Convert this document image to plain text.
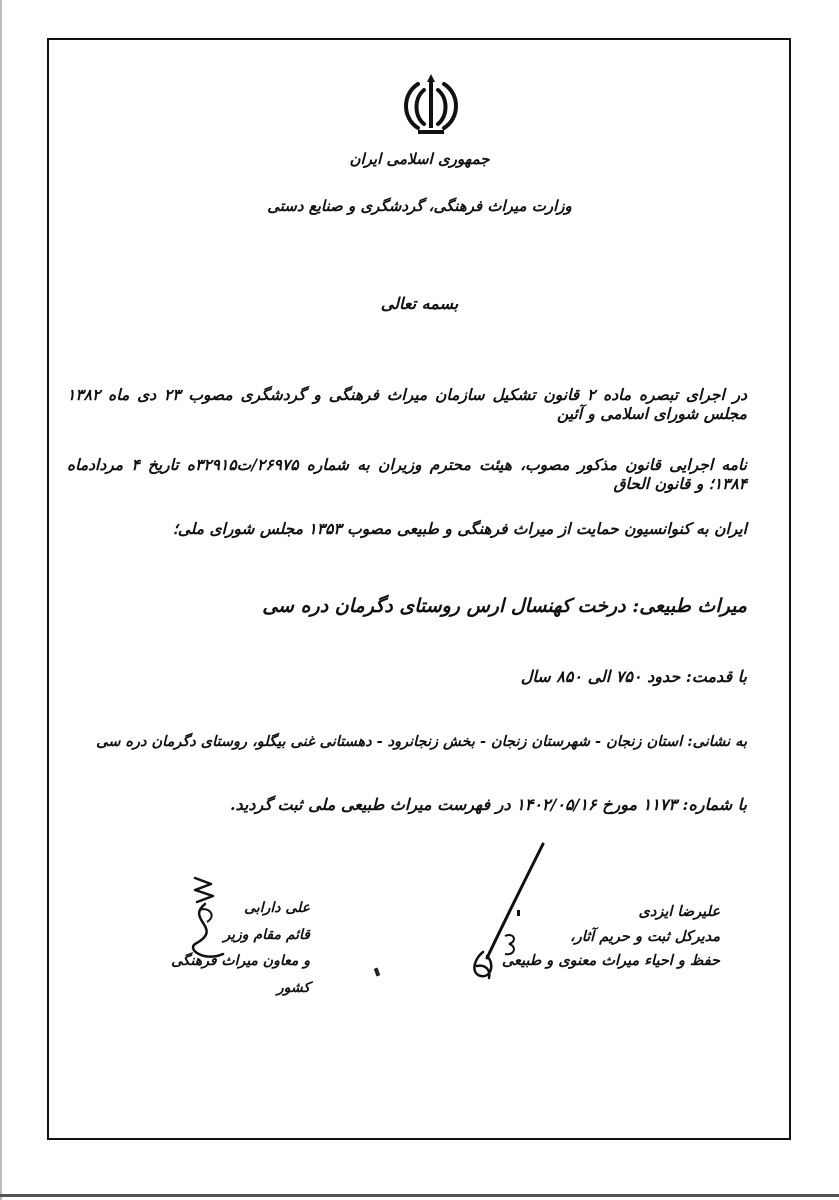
جمهوری اسلامی ایران
وزارت میراث فرهنگی، گردشگری و صنایع دستی
بسمه تعالی
در اجرای تبصره ماده ۲ قانون تشکیل سازمان میراث فرهنگی و گردشگری مصوب ۲۳ دی ماه ۱۳۸۲ مجلس شورای اسلامی و آئین
نامه اجرایی قانون مذکور مصوب، هیئت محترم وزیران به شماره ۲۶۹۷۵/ت۳۲۹۱۵ه تاریخ ۴ مردادماه ۱۳۸۴؛ و قانون الحاق
ایران به کنوانسیون حمایت از میراث فرهنگی و طبیعی مصوب ۱۳۵۳ مجلس شورای ملی؛
میراث طبیعی: درخت کهنسال ارس روستای دگرمان دره سی
با قدمت: حدود ۷۵۰ الی ۸۵۰ سال
به نشانی: استان زنجان - شهرستان زنجان - بخش زنجانرود - دهستانی غنی بیگلو، روستای دگرمان دره سی
با شماره: ۱۱۷۳ مورخ ۱۴۰۲/۰۵/۱۶ در فهرست میراث طبیعی ملی ثبت گردید.
علیرضا ایزدی
مدیرکل ثبت و حریم آثار،
حفظ و احیاء میراث معنوی و طبیعی
علی دارابی
قائم مقام وزیر
و معاون میراث فرهنگی کشور
